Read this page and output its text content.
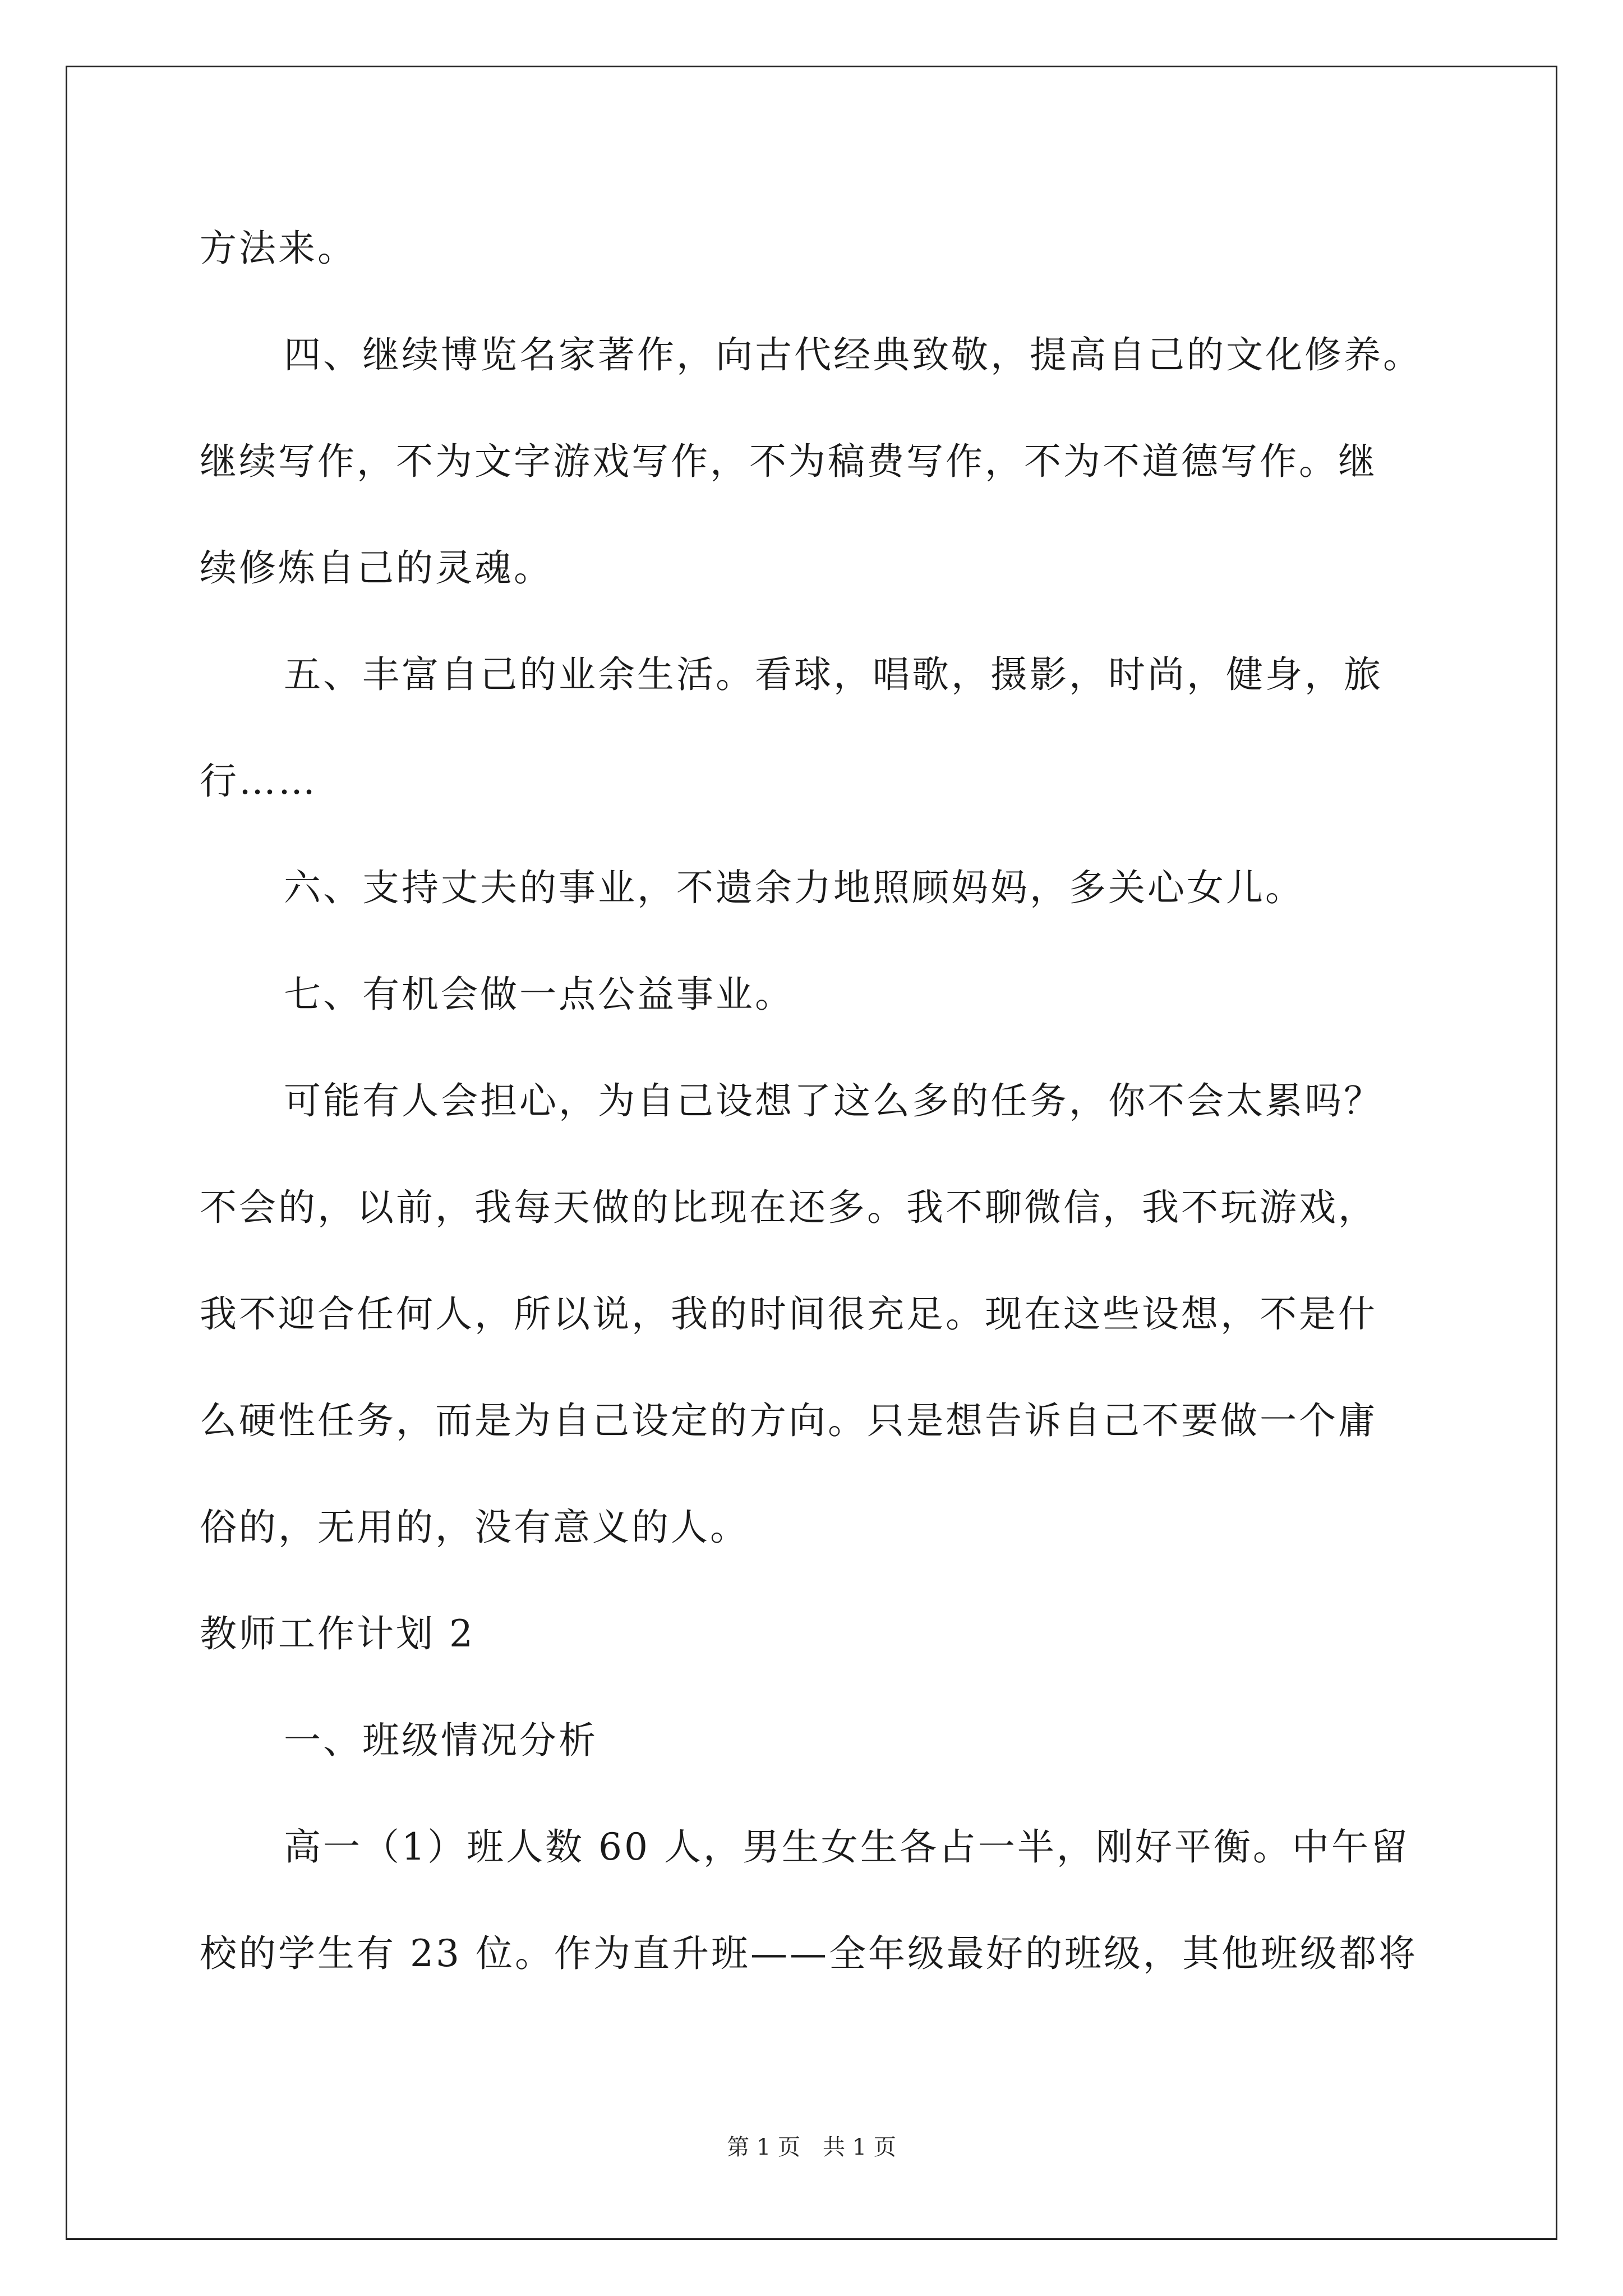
方法来。
四、继续博览名家著作，向古代经典致敬，提高自己的文化修养。
继续写作，不为文字游戏写作，不为稿费写作，不为不道德写作。继
续修炼自己的灵魂。
五、丰富自己的业余生活。看球，唱歌，摄影，时尚，健身，旅
行……
六、支持丈夫的事业，不遗余力地照顾妈妈，多关心女儿。
七、有机会做一点公益事业。
可能有人会担心，为自己设想了这么多的任务，你不会太累吗？
不会的，以前，我每天做的比现在还多。我不聊微信，我不玩游戏，
我不迎合任何人，所以说，我的时间很充足。现在这些设想，不是什
么硬性任务，而是为自己设定的方向。只是想告诉自己不要做一个庸
俗的，无用的，没有意义的人。
教师工作计划 2
一、班级情况分析
高一（1）班人数 60 人，男生女生各占一半，刚好平衡。中午留
校的学生有 23 位。作为直升班——全年级最好的班级，其他班级都将
第 1 页 共 1 页
